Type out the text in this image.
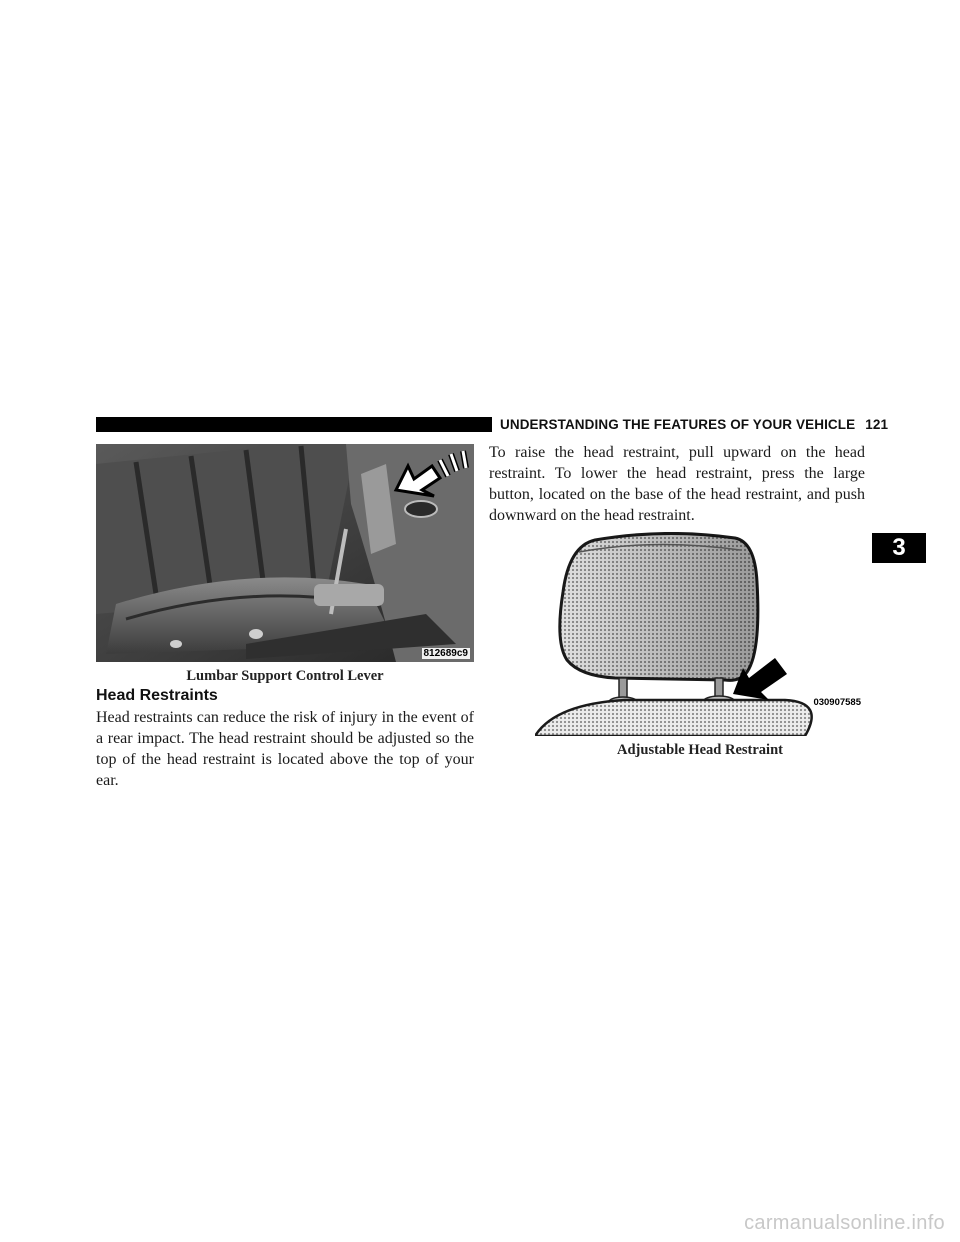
UNDERSTANDING THE FEATURES OF YOUR VEHICLE 121
812689c9
Lumbar Support Control Lever
Head Restraints
Head restraints can reduce the risk of injury in the event of a rear impact. The head restraint should be adjusted so the top of the head restraint is located above the top of your ear.
To raise the head restraint, pull upward on the head restraint. To lower the head restraint, press the large button, located on the base of the head restraint, and push downward on the head restraint.
030907585
Adjustable Head Restraint
3
carmanualsonline.info
